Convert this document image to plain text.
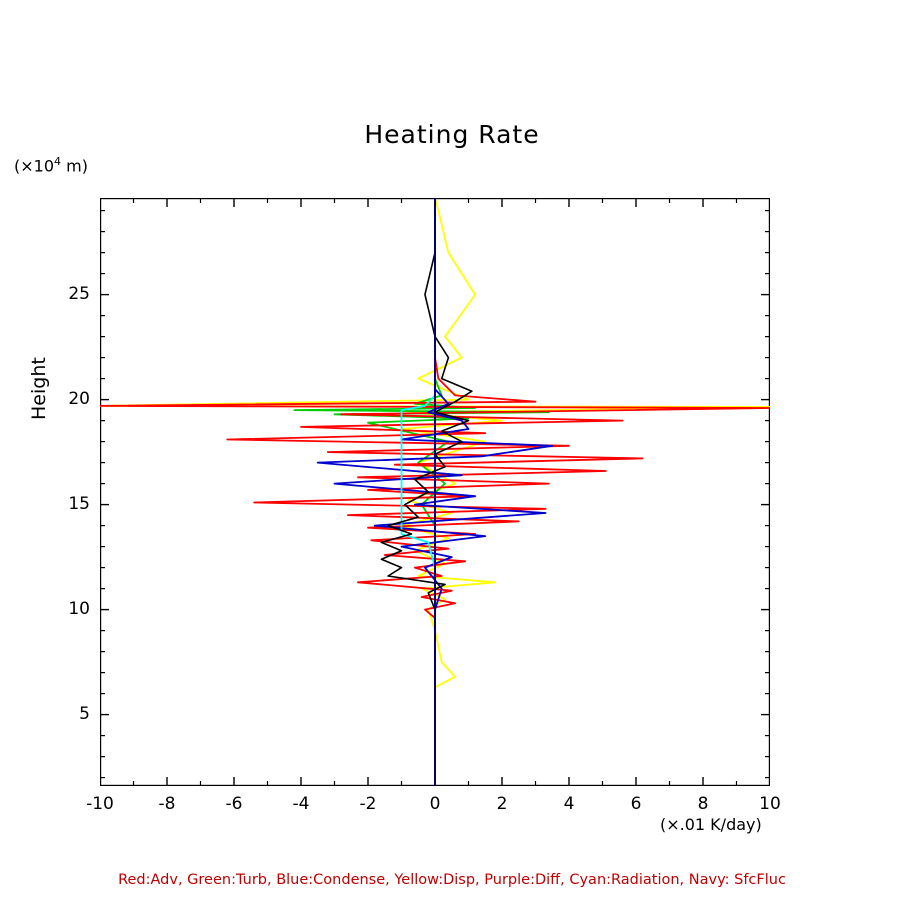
Heating Rate
($\times 10^4$ m)
Height
(×.01 K/day)
Red:Adv, Green:Turb, Blue:Condense, Yellow:Disp, Purple:Diff, Cyan:Radiation, Navy: SfcFluc
5
10
15
20
25
-10	-8	-6	-4	-2	0	2	4	6	8	10
